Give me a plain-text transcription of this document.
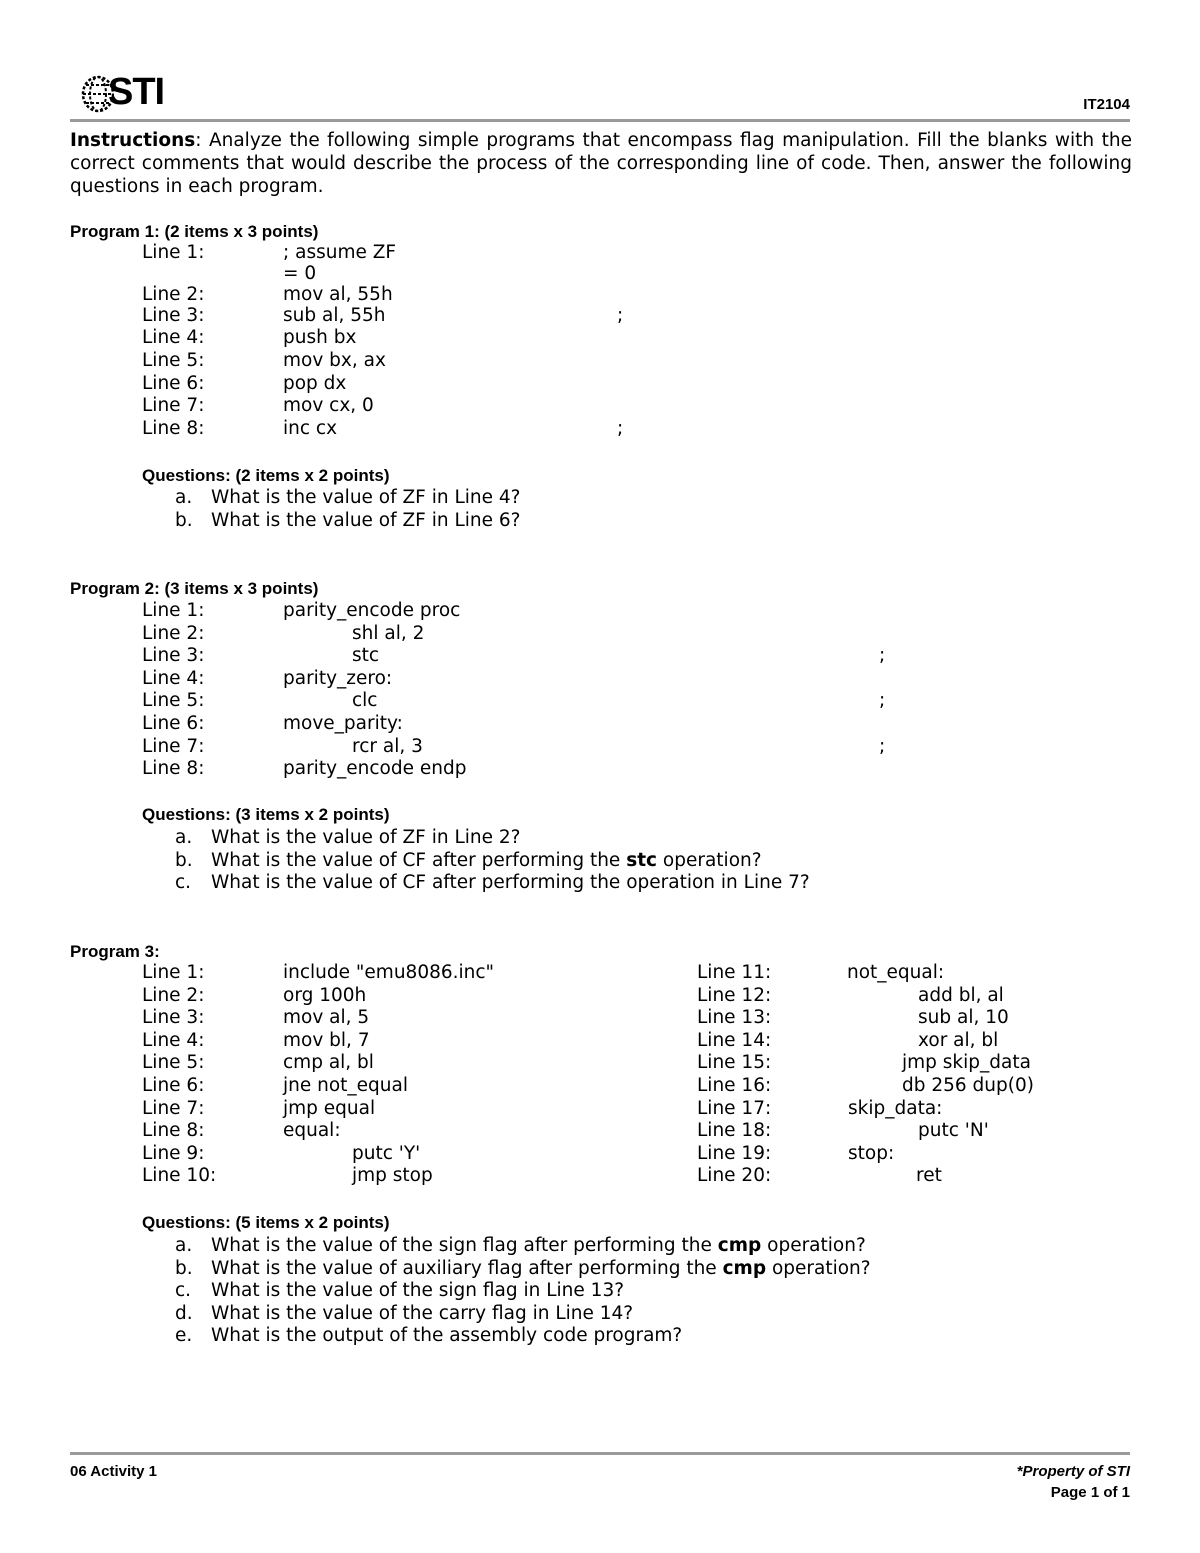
STI	IT2104
Instructions: Analyze the following simple programs that encompass flag manipulation. Fill the blanks with the correct comments that would describe the process of the corresponding line of code. Then, answer the following questions in each program.
Program 1: (2 items x 3 points)
Line 1:	; assume ZF
= 0
Line 2:	mov al, 55h
Line 3:	sub al, 55h	;
Line 4:	push bx
Line 5:	mov bx, ax
Line 6:	pop dx
Line 7:	mov cx, 0
Line 8:	inc cx	;
Questions: (2 items x 2 points)
a. What is the value of ZF in Line 4?
b. What is the value of ZF in Line 6?
Program 2: (3 items x 3 points)
Line 1:	parity_encode proc
Line 2:	shl al, 2
Line 3:	stc	;
Line 4:	parity_zero:
Line 5:	clc	;
Line 6:	move_parity:
Line 7:	rcr al, 3	;
Line 8:	parity_encode endp
Questions: (3 items x 2 points)
a. What is the value of ZF in Line 2?
b. What is the value of CF after performing the stc operation?
c. What is the value of CF after performing the operation in Line 7?
Program 3:
Line 1:	include "emu8086.inc"
Line 2:	org 100h
Line 3:	mov al, 5
Line 4:	mov bl, 7
Line 5:	cmp al, bl
Line 6:	jne not_equal
Line 7:	jmp equal
Line 8:	equal:
Line 9:	putc 'Y'
Line 10:	jmp stop
Line 11:	not_equal:
Line 12:	add bl, al
Line 13:	sub al, 10
Line 14:	xor al, bl
Line 15:	jmp skip_data
Line 16:	db 256 dup(0)
Line 17:	skip_data:
Line 18:	putc 'N'
Line 19:	stop:
Line 20:	ret
Questions: (5 items x 2 points)
a. What is the value of the sign flag after performing the cmp operation?
b. What is the value of auxiliary flag after performing the cmp operation?
c. What is the value of the sign flag in Line 13?
d. What is the value of the carry flag in Line 14?
e. What is the output of the assembly code program?
06 Activity 1	*Property of STI
Page 1 of 1
